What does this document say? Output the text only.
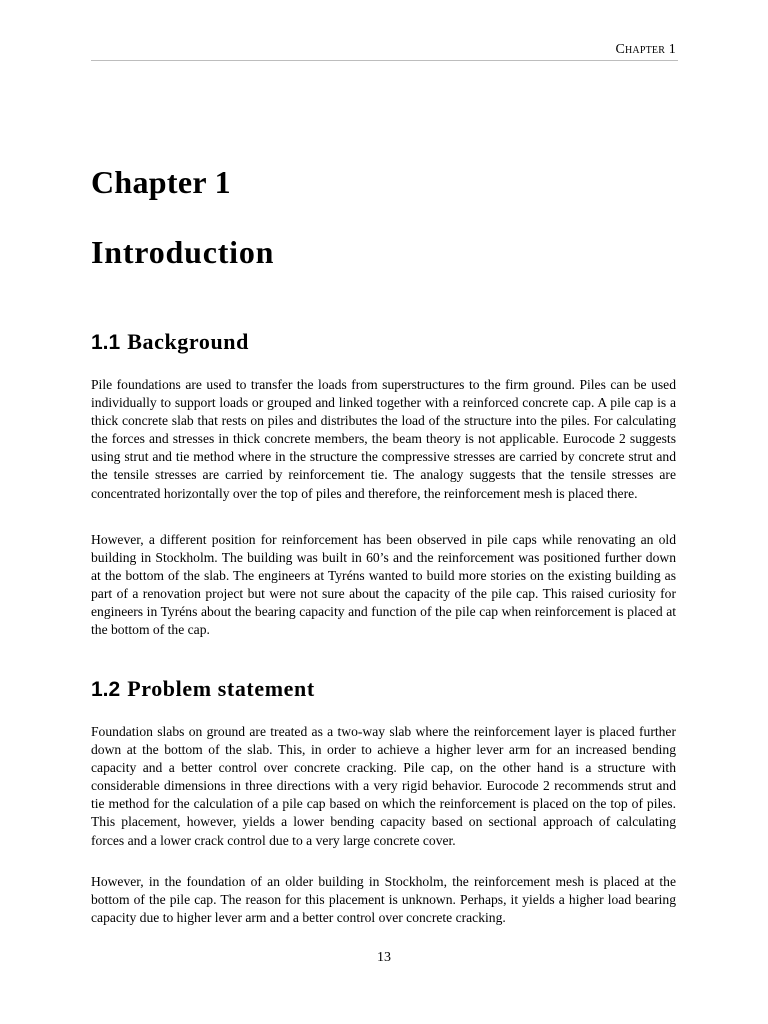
Chapter 1
Chapter 1
Introduction
1.1 Background

Pile foundations are used to transfer the loads from superstructures to the firm ground. Piles can be used individually to support loads or grouped and linked together with a reinforced concrete cap. A pile cap is a thick concrete slab that rests on piles and distributes the load of the structure into the piles. For calculating the forces and stresses in thick concrete members, the beam theory is not applicable. Eurocode 2 suggests using strut and tie method where in the structure the compressive stresses are carried by concrete strut and the tensile stresses are carried by reinforcement tie. The analogy suggests that the tensile stresses are concentrated horizontally over the top of piles and therefore, the reinforcement mesh is placed there.

However, a different position for reinforcement has been observed in pile caps while renovating an old building in Stockholm. The building was built in 60’s and the reinforcement was positioned further down at the bottom of the slab. The engineers at Tyréns wanted to build more stories on the existing building as part of a renovation project but were not sure about the capacity of the pile cap. This raised curiosity for engineers in Tyréns about the bearing capacity and function of the pile cap when reinforcement is placed at the bottom of the cap.

1.2 Problem statement

Foundation slabs on ground are treated as a two-way slab where the reinforcement layer is placed further down at the bottom of the slab. This, in order to achieve a higher lever arm for an increased bending capacity and a better control over concrete cracking. Pile cap, on the other hand is a structure with considerable dimensions in three directions with a very rigid behavior. Eurocode 2 recommends strut and tie method for the calculation of a pile cap based on which the reinforcement is placed on the top of piles. This placement, however, yields a lower bending capacity based on sectional approach of calculating forces and a lower crack control due to a very large concrete cover.

However, in the foundation of an older building in Stockholm, the reinforcement mesh is placed at the bottom of the pile cap. The reason for this placement is unknown. Perhaps, it yields a higher load bearing capacity due to higher lever arm and a better control over concrete cracking.

13
